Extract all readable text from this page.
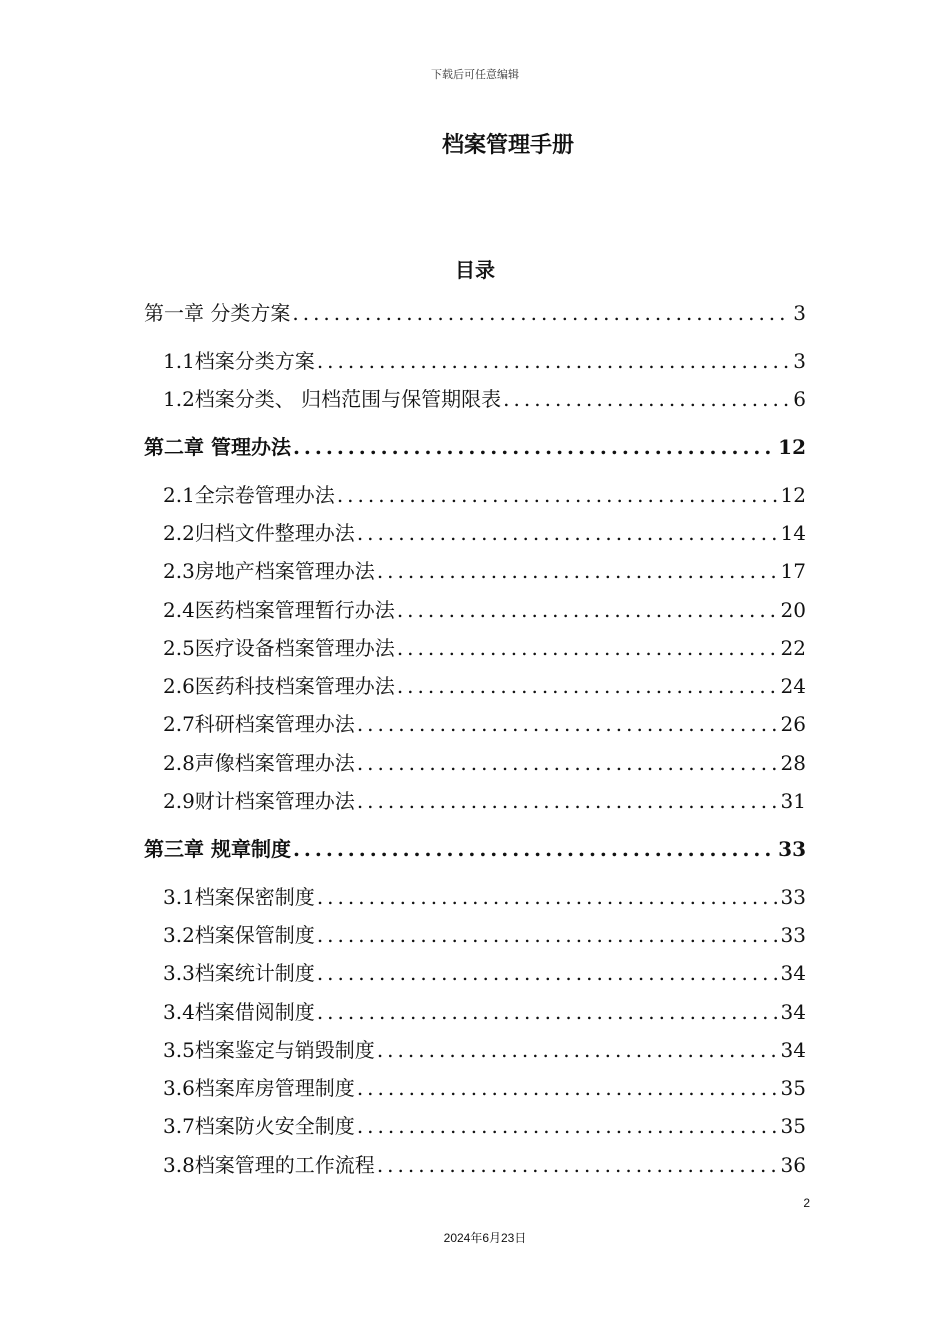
下载后可任意编辑
档案管理手册
目录
第一章 分类方案 .....	3
1.1档案分类方案 .....	3
1.2档案分类、 归档范围与保管期限表 .....	6
第二章 管理办法 .....	12
2.1全宗卷管理办法 .....	12
2.2归档文件整理办法 .....	14
2.3房地产档案管理办法 .....	17
2.4医药档案管理暂行办法 .....	20
2.5医疗设备档案管理办法 .....	22
2.6医药科技档案管理办法 .....	24
2.7科研档案管理办法 .....	26
2.8声像档案管理办法 .....	28
2.9财计档案管理办法 .....	31
第三章 规章制度 .....	33
3.1档案保密制度 .....	33
3.2档案保管制度 .....	33
3.3档案统计制度 .....	34
3.4档案借阅制度 .....	34
3.5档案鉴定与销毁制度 .....	34
3.6档案库房管理制度 .....	35
3.7档案防火安全制度 .....	35
3.8档案管理的工作流程 .....	36
2
2024年6月23日
